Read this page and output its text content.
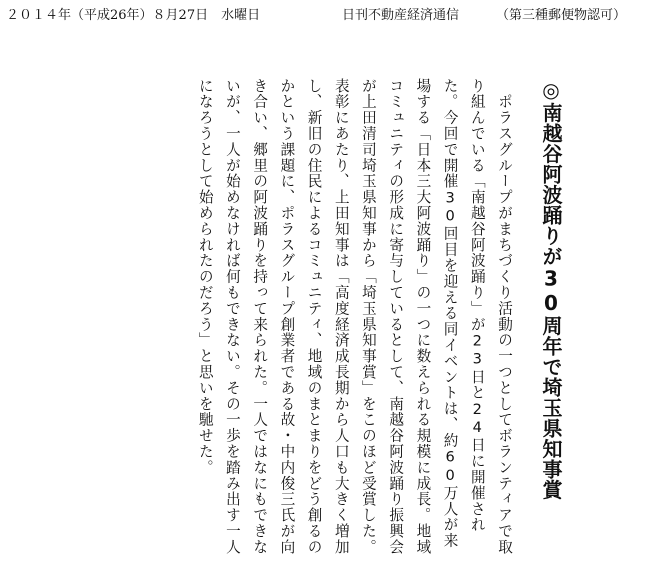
２０１４年（平成26年）８月27日　水曜日	日刊不動産経済通信	（第三種郵便物認可）
◎南越谷阿波踊りが30周年で埼玉県知事賞

　ポラスグループがまちづくり活動の一つとしてボランティアで取り組んでいる「南越谷阿波踊り」が23日と24日に開催された。今回で開催30回目を迎える同イベントは、約60万人が来場する「日本三大阿波踊り」の一つに数えられる規模に成長。地域コミュニティの形成に寄与しているとして、南越谷阿波踊り振興会が上田清司埼玉県知事から「埼玉県知事賞」をこのほど受賞した。表彰にあたり、上田知事は「高度経済成長期から人口も大きく増加し、新旧の住民によるコミュニティ、地域のまとまりをどう創るのかという課題に、ポラスグループ創業者である故・中内俊三氏が向き合い、郷里の阿波踊りを持って来られた。一人ではなにもできないが、一人が始めなければ何もできない。その一歩を踏み出す一人になろうとして始められたのだろう」と思いを馳せた。
